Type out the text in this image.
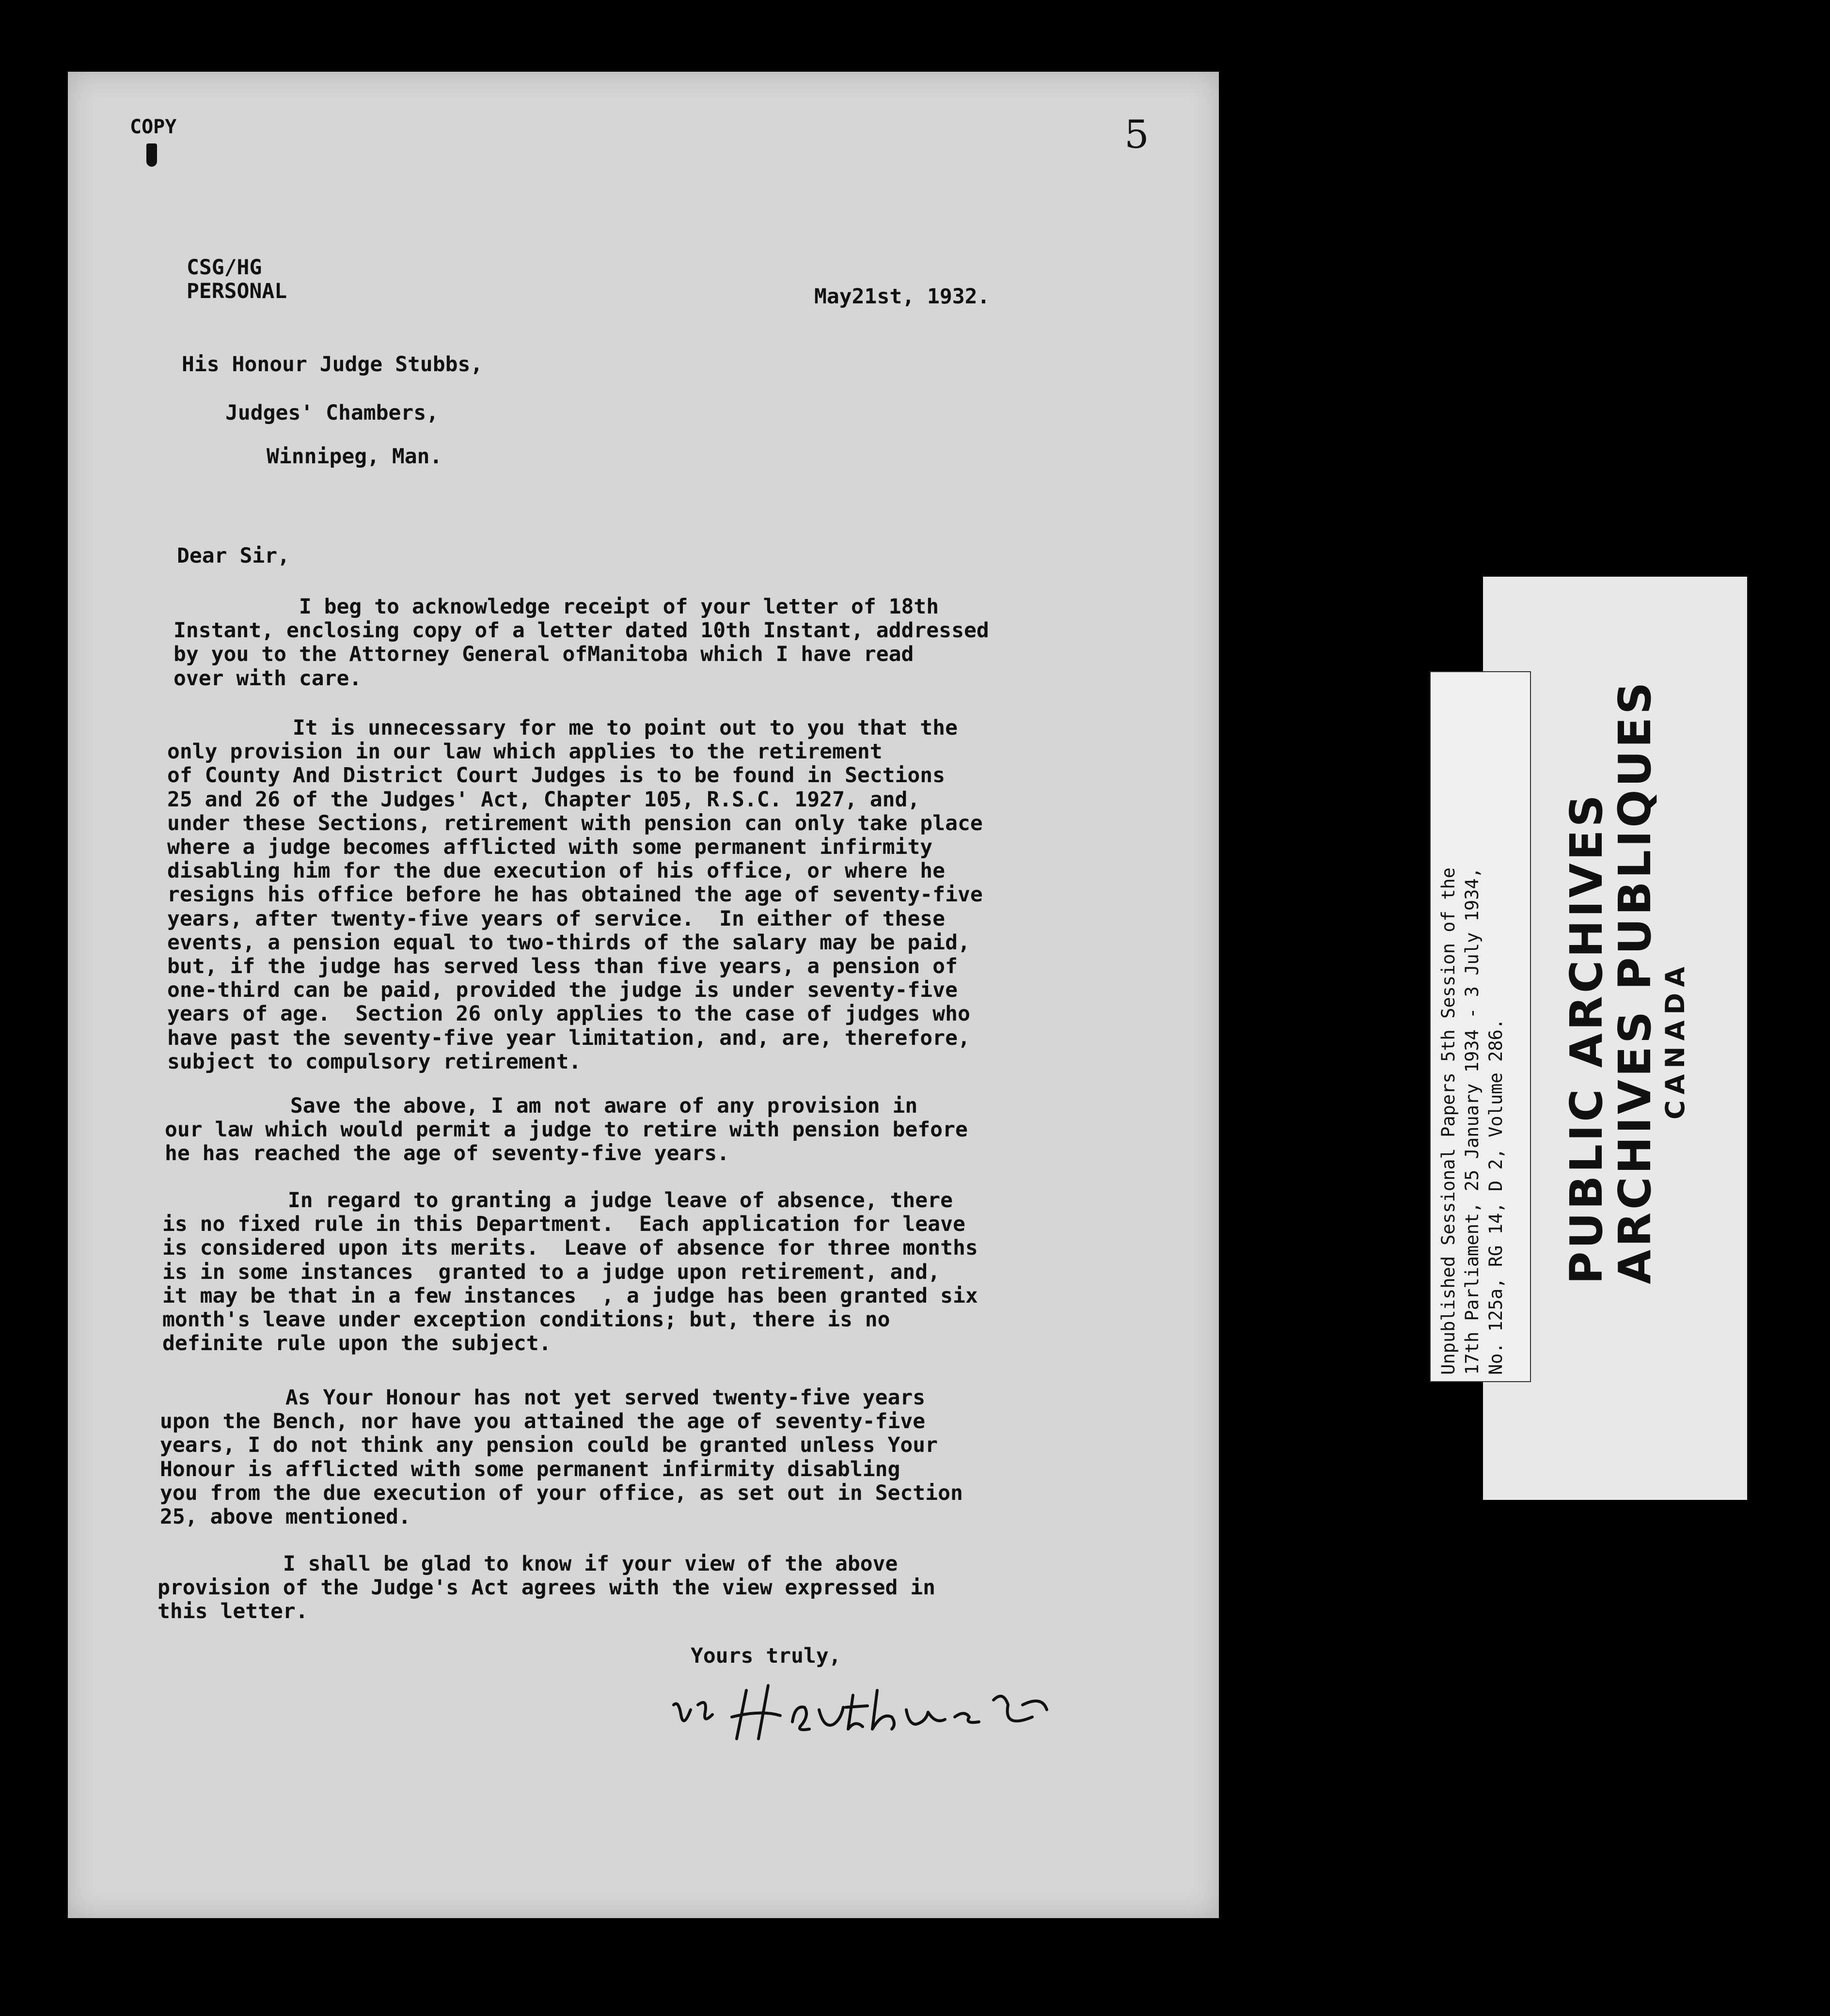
COPY	5
CSG/HG
PERSONAL	May21st, 1932.
His Honour Judge Stubbs,
Judges' Chambers,
Winnipeg, Man.
Dear Sir,
I beg to acknowledge receipt of your letter of 18th
Instant, enclosing copy of a letter dated 10th Instant, addressed
by you to the Attorney General ofManitoba which I have read
over with care.
It is unnecessary for me to point out to you that the
only provision in our law which applies to the retirement
of County And District Court Judges is to be found in Sections
25 and 26 of the Judges' Act, Chapter 105, R.S.C. 1927, and,
under these Sections, retirement with pension can only take place
where a judge becomes afflicted with some permanent infirmity
disabling him for the due execution of his office, or where he
resigns his office before he has obtained the age of seventy-five
years, after twenty-five years of service.  In either of these
events, a pension equal to two-thirds of the salary may be paid,
but, if the judge has served less than five years, a pension of
one-third can be paid, provided the judge is under seventy-five
years of age.  Section 26 only applies to the case of judges who
have past the seventy-five year limitation, and, are, therefore,
subject to compulsory retirement.
Save the above, I am not aware of any provision in
our law which would permit a judge to retire with pension before
he has reached the age of seventy-five years.
In regard to granting a judge leave of absence, there
is no fixed rule in this Department.  Each application for leave
is considered upon its merits.  Leave of absence for three months
is in some instances  granted to a judge upon retirement, and,
it may be that in a few instances  , a judge has been granted six
month's leave under exception conditions; but, there is no
definite rule upon the subject.
As Your Honour has not yet served twenty-five years
upon the Bench, nor have you attained the age of seventy-five
years, I do not think any pension could be granted unless Your
Honour is afflicted with some permanent infirmity disabling
you from the due execution of your office, as set out in Section
25, above mentioned.
I shall be glad to know if your view of the above
provision of the Judge's Act agrees with the view expressed in
this letter.
Yours truly,
Unpublished Sessional Papers 5th Session of the
17th Parliament, 25 January 1934 - 3 July 1934,
No. 125a, RG 14, D 2, Volume 286. PUBLIC ARCHIVES
ARCHIVES PUBLIQUES
CANADA
